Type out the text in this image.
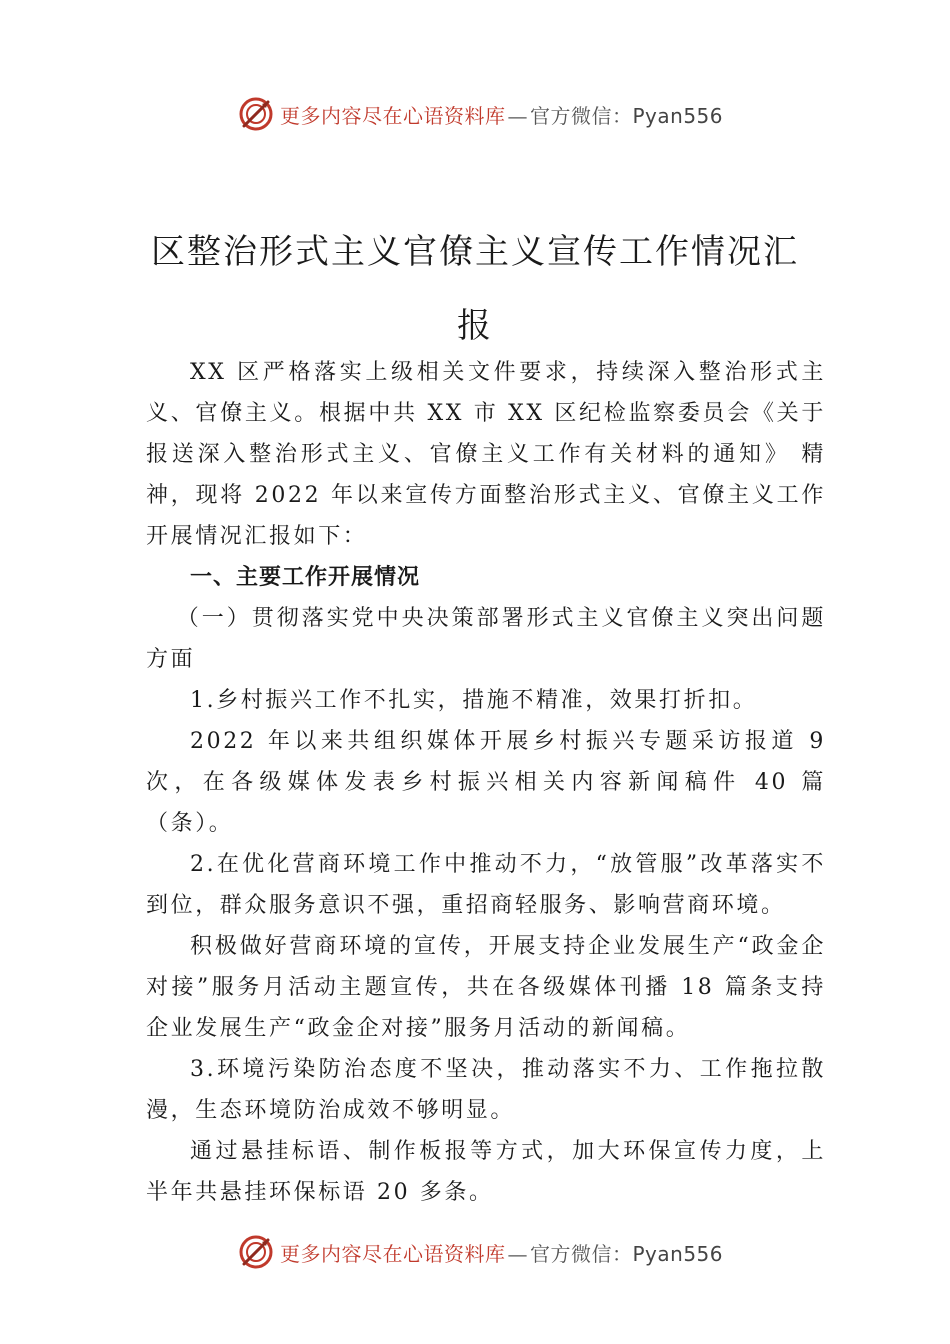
更多内容尽在心语资料库 — 官方微信：Pyan556
区整治形式主义官僚主义宣传工作情况汇
报

XX 区严格落实上级相关文件要求，持续深入整治形式主义、官僚主义。根据中共 XX 市 XX 区纪检监察委员会《关于报送深入整治形式主义、官僚主义工作有关材料的通知》 精神，现将 2022 年以来宣传方面整治形式主义、官僚主义工作开展情况汇报如下：

一、主要工作开展情况

（一）贯彻落实党中央决策部署形式主义官僚主义突出问题方面

1.乡村振兴工作不扎实，措施不精准，效果打折扣。

2022 年以来共组织媒体开展乡村振兴专题采访报道 9 次，在各级媒体发表乡村振兴相关内容新闻稿件 40 篇（条）。

2.在优化营商环境工作中推动不力，“放管服”改革落实不到位，群众服务意识不强，重招商轻服务、影响营商环境。

积极做好营商环境的宣传，开展支持企业发展生产“政金企对接”服务月活动主题宣传，共在各级媒体刊播 18 篇条支持企业发展生产“政金企对接”服务月活动的新闻稿。

3.环境污染防治态度不坚决，推动落实不力、工作拖拉散漫，生态环境防治成效不够明显。

通过悬挂标语、制作板报等方式，加大环保宣传力度，上半年共悬挂环保标语 20 多条。

更多内容尽在心语资料库 — 官方微信：Pyan556
